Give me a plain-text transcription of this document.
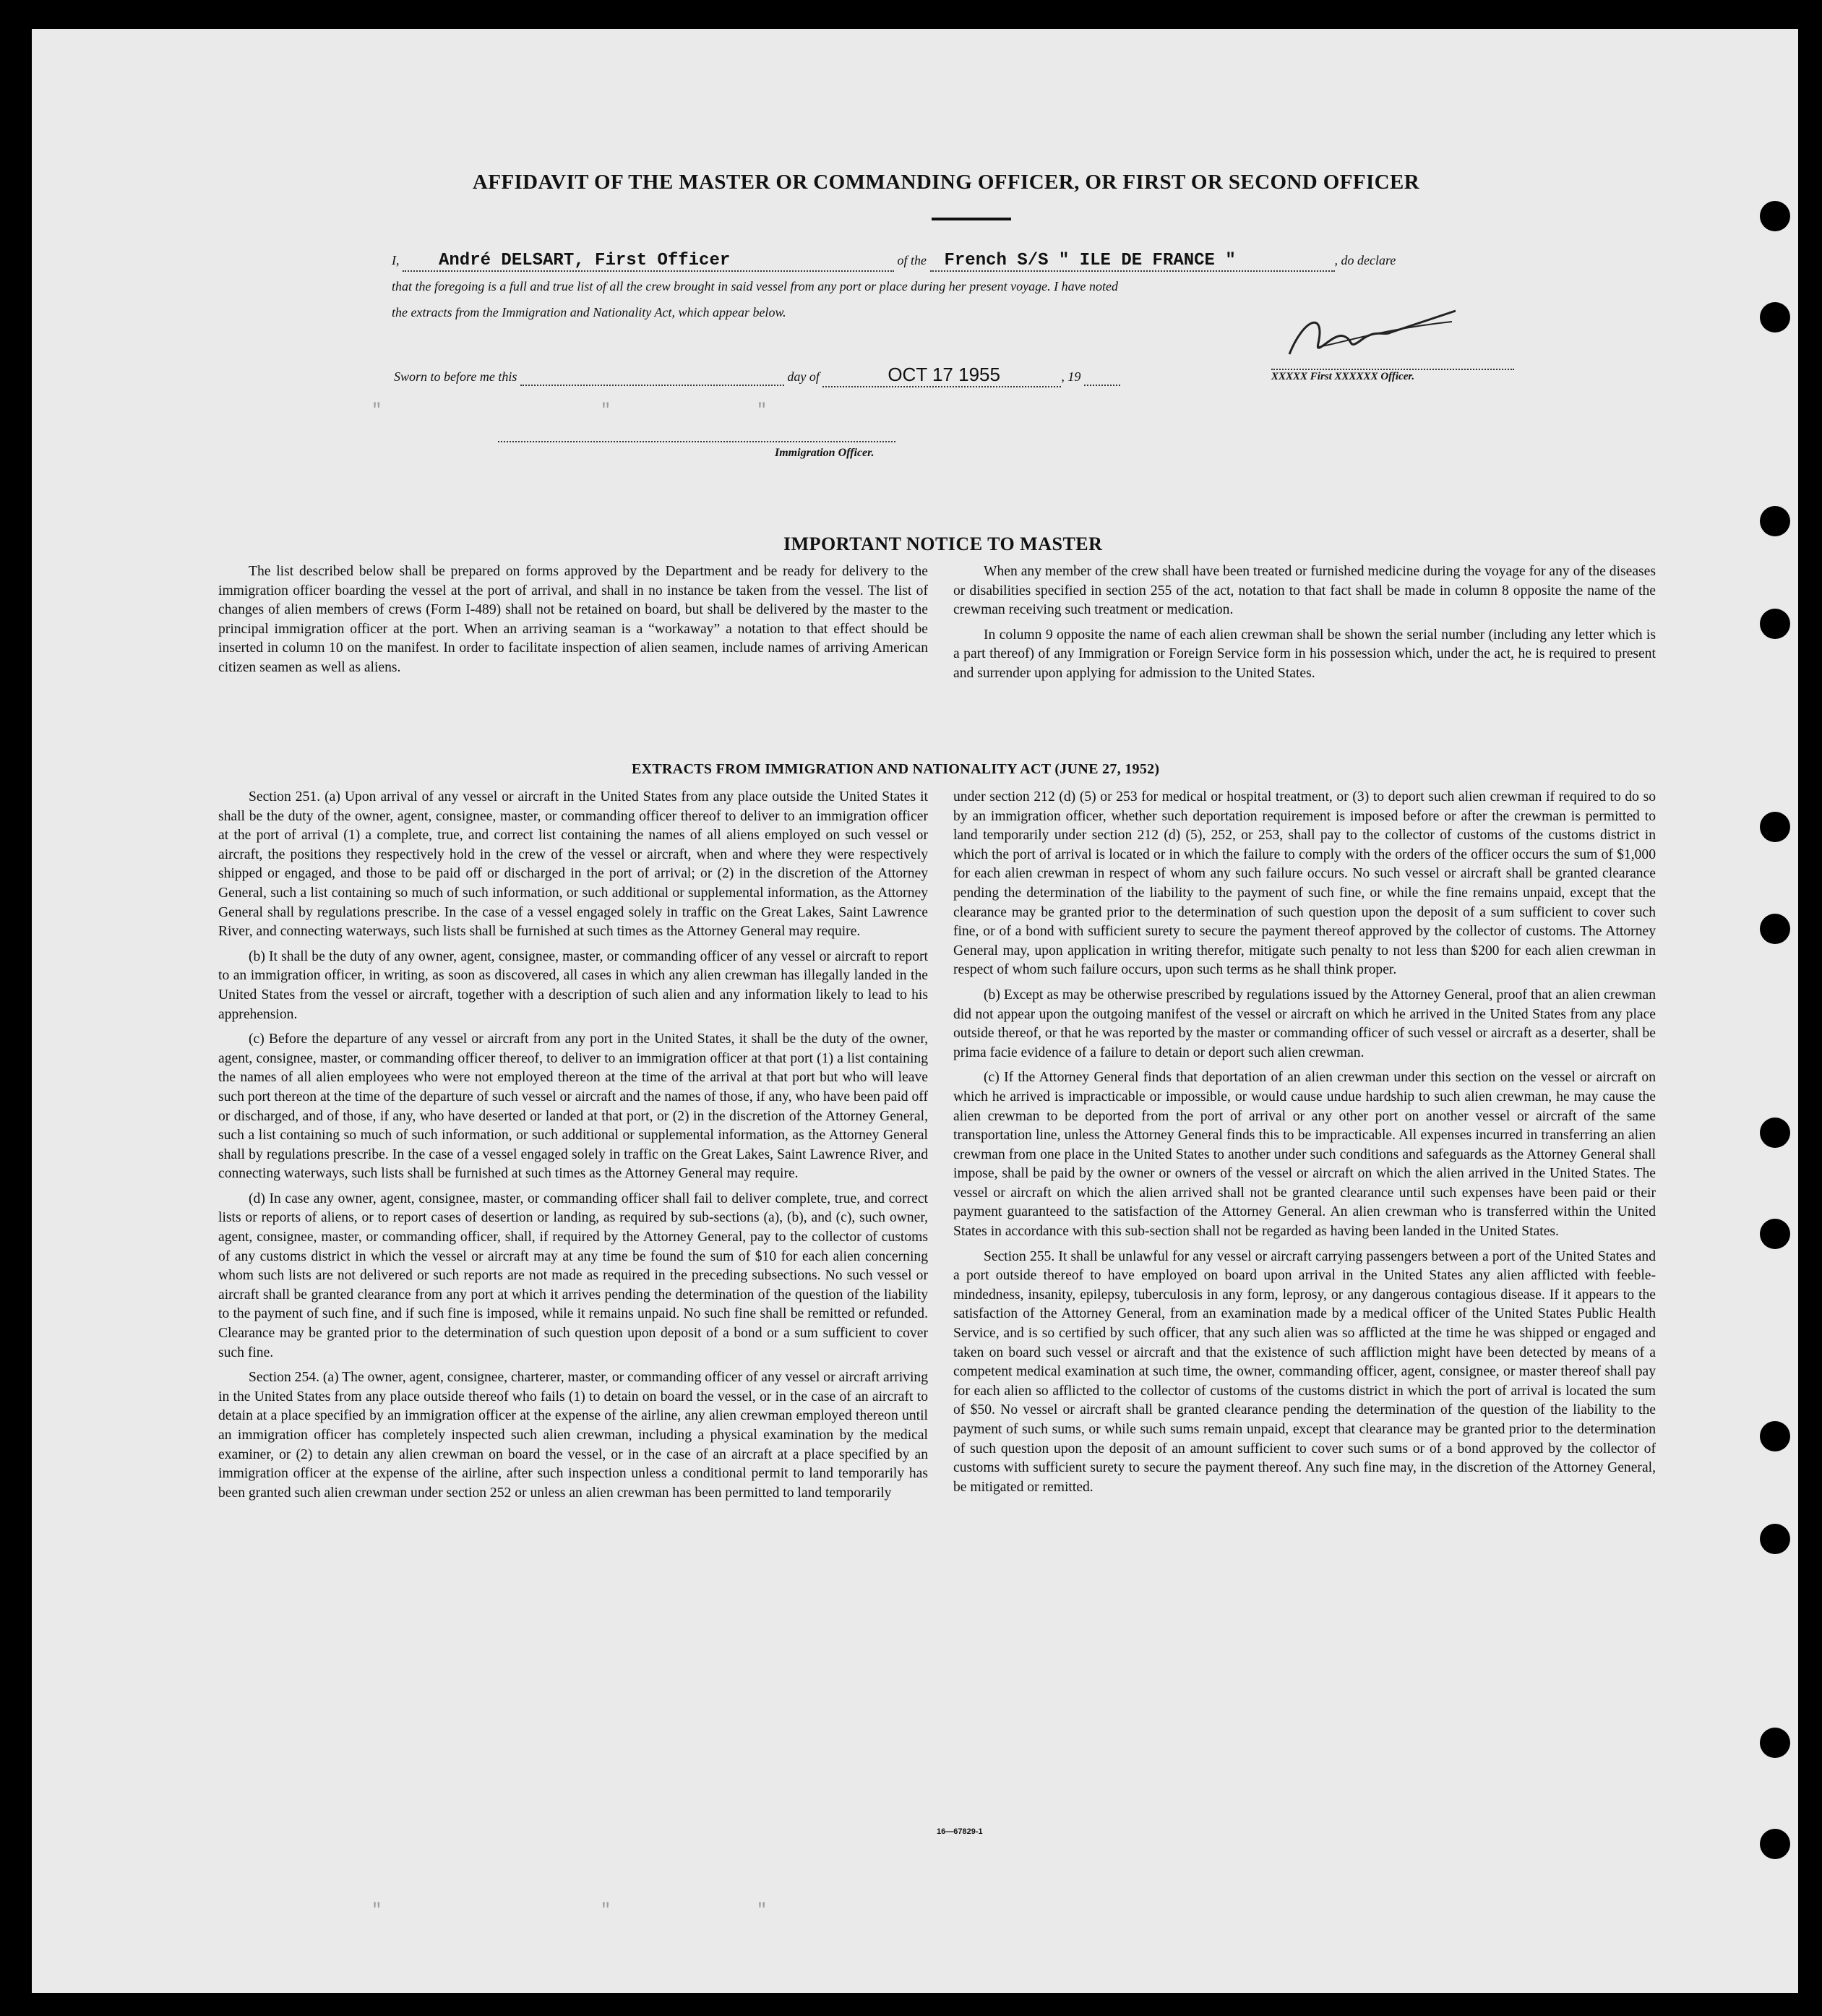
″                     ″              ″
″                     ″              ″
AFFIDAVIT OF THE MASTER OR COMMANDING OFFICER, OR FIRST OR SECOND OFFICER
I, André DELSART, First Officer	of the French S/S " ILE DE FRANCE "	, do declare
that the foregoing is a full and true list of all the crew brought in said vessel from any port or place during her present voyage. I have noted
the extracts from the Immigration and Nationality Act, which appear below.
XXXXX First XXXXXX Officer.
Sworn to before me this	day of	OCT 17 1955	, 19
Immigration Officer.
IMPORTANT NOTICE TO MASTER

The list described below shall be prepared on forms approved by the Department and be ready for delivery to the immigration officer boarding the vessel at the port of arrival, and shall in no instance be taken from the vessel. The list of changes of alien members of crews (Form I-489) shall not be retained on board, but shall be delivered by the master to the principal immigration officer at the port. When an arriving seaman is a “workaway” a notation to that effect should be inserted in column 10 on the manifest. In order to facilitate inspection of alien seamen, include names of arriving American citizen seamen as well as aliens.

When any member of the crew shall have been treated or furnished medicine during the voyage for any of the diseases or disabilities specified in section 255 of the act, notation to that fact shall be made in column 8 opposite the name of the crewman receiving such treatment or medication.

In column 9 opposite the name of each alien crewman shall be shown the serial number (including any letter which is a part thereof) of any Immigration or Foreign Service form in his possession which, under the act, he is required to present and surrender upon applying for admission to the United States.

EXTRACTS FROM IMMIGRATION AND NATIONALITY ACT (JUNE 27, 1952)

Section 251. (a) Upon arrival of any vessel or aircraft in the United States from any place outside the United States it shall be the duty of the owner, agent, consignee, master, or commanding officer thereof to deliver to an immigration officer at the port of arrival (1) a complete, true, and correct list containing the names of all aliens employed on such vessel or aircraft, the positions they respectively hold in the crew of the vessel or aircraft, when and where they were respectively shipped or engaged, and those to be paid off or discharged in the port of arrival; or (2) in the discretion of the Attorney General, such a list containing so much of such information, or such additional or supplemental information, as the Attorney General shall by regulations prescribe. In the case of a vessel engaged solely in traffic on the Great Lakes, Saint Lawrence River, and connecting waterways, such lists shall be furnished at such times as the Attorney General may require.

(b) It shall be the duty of any owner, agent, consignee, master, or commanding officer of any vessel or aircraft to report to an immigration officer, in writing, as soon as discovered, all cases in which any alien crewman has illegally landed in the United States from the vessel or aircraft, together with a description of such alien and any information likely to lead to his apprehension.

(c) Before the departure of any vessel or aircraft from any port in the United States, it shall be the duty of the owner, agent, consignee, master, or commanding officer thereof, to deliver to an immigration officer at that port (1) a list containing the names of all alien employees who were not employed thereon at the time of the arrival at that port but who will leave such port thereon at the time of the departure of such vessel or aircraft and the names of those, if any, who have been paid off or discharged, and of those, if any, who have deserted or landed at that port, or (2) in the discretion of the Attorney General, such a list containing so much of such information, or such additional or supplemental information, as the Attorney General shall by regulations prescribe. In the case of a vessel engaged solely in traffic on the Great Lakes, Saint Lawrence River, and connecting waterways, such lists shall be furnished at such times as the Attorney General may require.

(d) In case any owner, agent, consignee, master, or commanding officer shall fail to deliver complete, true, and correct lists or reports of aliens, or to report cases of desertion or landing, as required by sub-sections (a), (b), and (c), such owner, agent, consignee, master, or commanding officer, shall, if required by the Attorney General, pay to the collector of customs of any customs district in which the vessel or aircraft may at any time be found the sum of $10 for each alien concerning whom such lists are not delivered or such reports are not made as required in the preceding subsections. No such vessel or aircraft shall be granted clearance from any port at which it arrives pending the determination of the question of the liability to the payment of such fine, and if such fine is imposed, while it remains unpaid. No such fine shall be remitted or refunded. Clearance may be granted prior to the determination of such question upon deposit of a bond or a sum sufficient to cover such fine.

Section 254. (a) The owner, agent, consignee, charterer, master, or commanding officer of any vessel or aircraft arriving in the United States from any place outside thereof who fails (1) to detain on board the vessel, or in the case of an aircraft to detain at a place specified by an immigration officer at the expense of the airline, any alien crewman employed thereon until an immigration officer has completely inspected such alien crewman, including a physical examination by the medical examiner, or (2) to detain any alien crewman on board the vessel, or in the case of an aircraft at a place specified by an immigration officer at the expense of the airline, after such inspection unless a conditional permit to land temporarily has been granted such alien crewman under section 252 or unless an alien crewman has been permitted to land temporarily

under section 212 (d) (5) or 253 for medical or hospital treatment, or (3) to deport such alien crewman if required to do so by an immigration officer, whether such deportation requirement is imposed before or after the crewman is permitted to land temporarily under section 212 (d) (5), 252, or 253, shall pay to the collector of customs of the customs district in which the port of arrival is located or in which the failure to comply with the orders of the officer occurs the sum of $1,000 for each alien crewman in respect of whom any such failure occurs. No such vessel or aircraft shall be granted clearance pending the determination of the liability to the payment of such fine, or while the fine remains unpaid, except that the clearance may be granted prior to the determination of such question upon the deposit of a sum sufficient to cover such fine, or of a bond with sufficient surety to secure the payment thereof approved by the collector of customs. The Attorney General may, upon application in writing therefor, mitigate such penalty to not less than $200 for each alien crewman in respect of whom such failure occurs, upon such terms as he shall think proper.

(b) Except as may be otherwise prescribed by regulations issued by the Attorney General, proof that an alien crewman did not appear upon the outgoing manifest of the vessel or aircraft on which he arrived in the United States from any place outside thereof, or that he was reported by the master or commanding officer of such vessel or aircraft as a deserter, shall be prima facie evidence of a failure to detain or deport such alien crewman.

(c) If the Attorney General finds that deportation of an alien crewman under this section on the vessel or aircraft on which he arrived is impracticable or impossible, or would cause undue hardship to such alien crewman, he may cause the alien crewman to be deported from the port of arrival or any other port on another vessel or aircraft of the same transportation line, unless the Attorney General finds this to be impracticable. All expenses incurred in transferring an alien crewman from one place in the United States to another under such conditions and safeguards as the Attorney General shall impose, shall be paid by the owner or owners of the vessel or aircraft on which the alien arrived in the United States. The vessel or aircraft on which the alien arrived shall not be granted clearance until such expenses have been paid or their payment guaranteed to the satisfaction of the Attorney General. An alien crewman who is transferred within the United States in accordance with this sub-section shall not be regarded as having been landed in the United States.

Section 255. It shall be unlawful for any vessel or aircraft carrying passengers between a port of the United States and a port outside thereof to have employed on board upon arrival in the United States any alien afflicted with feeble-mindedness, insanity, epilepsy, tuberculosis in any form, leprosy, or any dangerous contagious disease. If it appears to the satisfaction of the Attorney General, from an examination made by a medical officer of the United States Public Health Service, and is so certified by such officer, that any such alien was so afflicted at the time he was shipped or engaged and taken on board such vessel or aircraft and that the existence of such affliction might have been detected by means of a competent medical examination at such time, the owner, commanding officer, agent, consignee, or master thereof shall pay for each alien so afflicted to the collector of customs of the customs district in which the port of arrival is located the sum of $50. No vessel or aircraft shall be granted clearance pending the determination of the question of the liability to the payment of such sums, or while such sums remain unpaid, except that clearance may be granted prior to the determination of such question upon the deposit of an amount sufficient to cover such sums or of a bond approved by the collector of customs with sufficient surety to secure the payment thereof. Any such fine may, in the discretion of the Attorney General, be mitigated or remitted.

16—67829-1
